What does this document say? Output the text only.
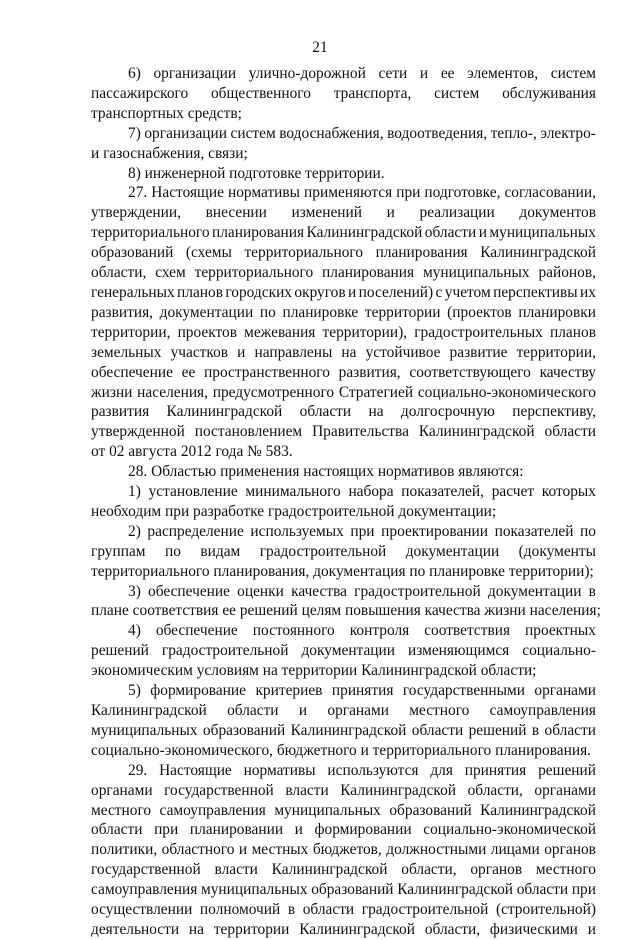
21
6) организации улично-дорожной сети и ее элементов, систем
пассажирского общественного транспорта, систем обслуживания
транспортных средств;
7) организации систем водоснабжения, водоотведения, тепло-, электро-
и газоснабжения, связи;
8) инженерной подготовке территории.
27. Настоящие нормативы применяются при подготовке, согласовании,
утверждении, внесении изменений и реализации документов
территориального планирования Калининградской области и муниципальных
образований (схемы территориального планирования Калининградской
области, схем территориального планирования муниципальных районов,
генеральных планов городских округов и поселений) с учетом перспективы их
развития, документации по планировке территории (проектов планировки
территории, проектов межевания территории), градостроительных планов
земельных участков и направлены на устойчивое развитие территории,
обеспечение ее пространственного развития, соответствующего качеству
жизни населения, предусмотренного Стратегией социально-экономического
развития Калининградской области на долгосрочную перспективу,
утвержденной постановлением Правительства Калининградской области
от 02 августа 2012 года № 583.
28. Областью применения настоящих нормативов являются:
1) установление минимального набора показателей, расчет которых
необходим при разработке градостроительной документации;
2) распределение используемых при проектировании показателей по
группам по видам градостроительной документации (документы
территориального планирования, документация по планировке территории);
3) обеспечение оценки качества градостроительной документации в
плане соответствия ее решений целям повышения качества жизни населения;
4) обеспечение постоянного контроля соответствия проектных
решений градостроительной документации изменяющимся социально-
экономическим условиям на территории Калининградской области;
5) формирование критериев принятия государственными органами
Калининградской области и органами местного самоуправления
муниципальных образований Калининградской области решений в области
социально-экономического, бюджетного и территориального планирования.
29. Настоящие нормативы используются для принятия решений
органами государственной власти Калининградской области, органами
местного самоуправления муниципальных образований Калининградской
области при планировании и формировании социально-экономической
политики, областного и местных бюджетов, должностными лицами органов
государственной власти Калининградской области, органов местного
самоуправления муниципальных образований Калининградской области при
осуществлении полномочий в области градостроительной (строительной)
деятельности на территории Калининградской области, физическими и
